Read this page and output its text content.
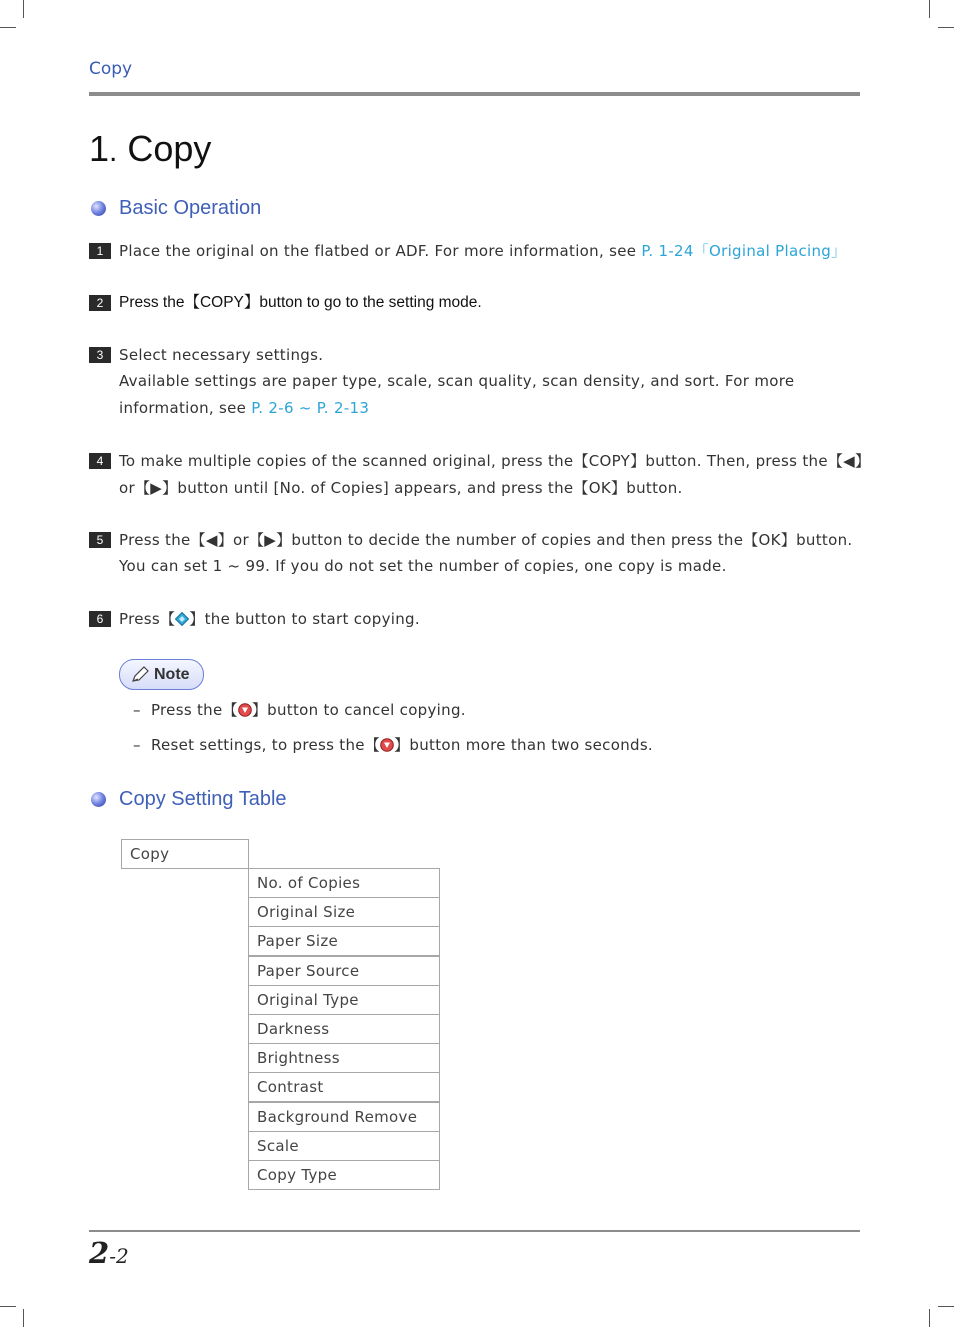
Copy
1. Copy
Basic Operation
1	Place the original on the flatbed or ADF. For more information, see P. 1-24「Original Placing」
2	Press the【COPY】button to go to the setting mode.
3	Select necessary settings.
Available settings are paper type, scale, scan quality, scan density, and sort. For more
information, see P. 2-6 ~ P. 2-13
4	To make multiple copies of the scanned original, press the【COPY】button. Then, press the【◀】
or【▶】button until [No. of Copies] appears, and press the【OK】button.
5	Press the【◀】or【▶】button to decide the number of copies and then press the【OK】button.
You can set 1 ~ 99. If you do not set the number of copies, one copy is made.
6	Press【 】the button to start copying.
Note
– Press the【 】button to cancel copying.
– Reset settings, to press the【 】button more than two seconds.
Copy Setting Table
Copy
No. of Copies
Original Size
Paper Size
Paper Source
Original Type
Darkness
Brightness
Contrast
Background Remove
Scale
Copy Type
2-2
